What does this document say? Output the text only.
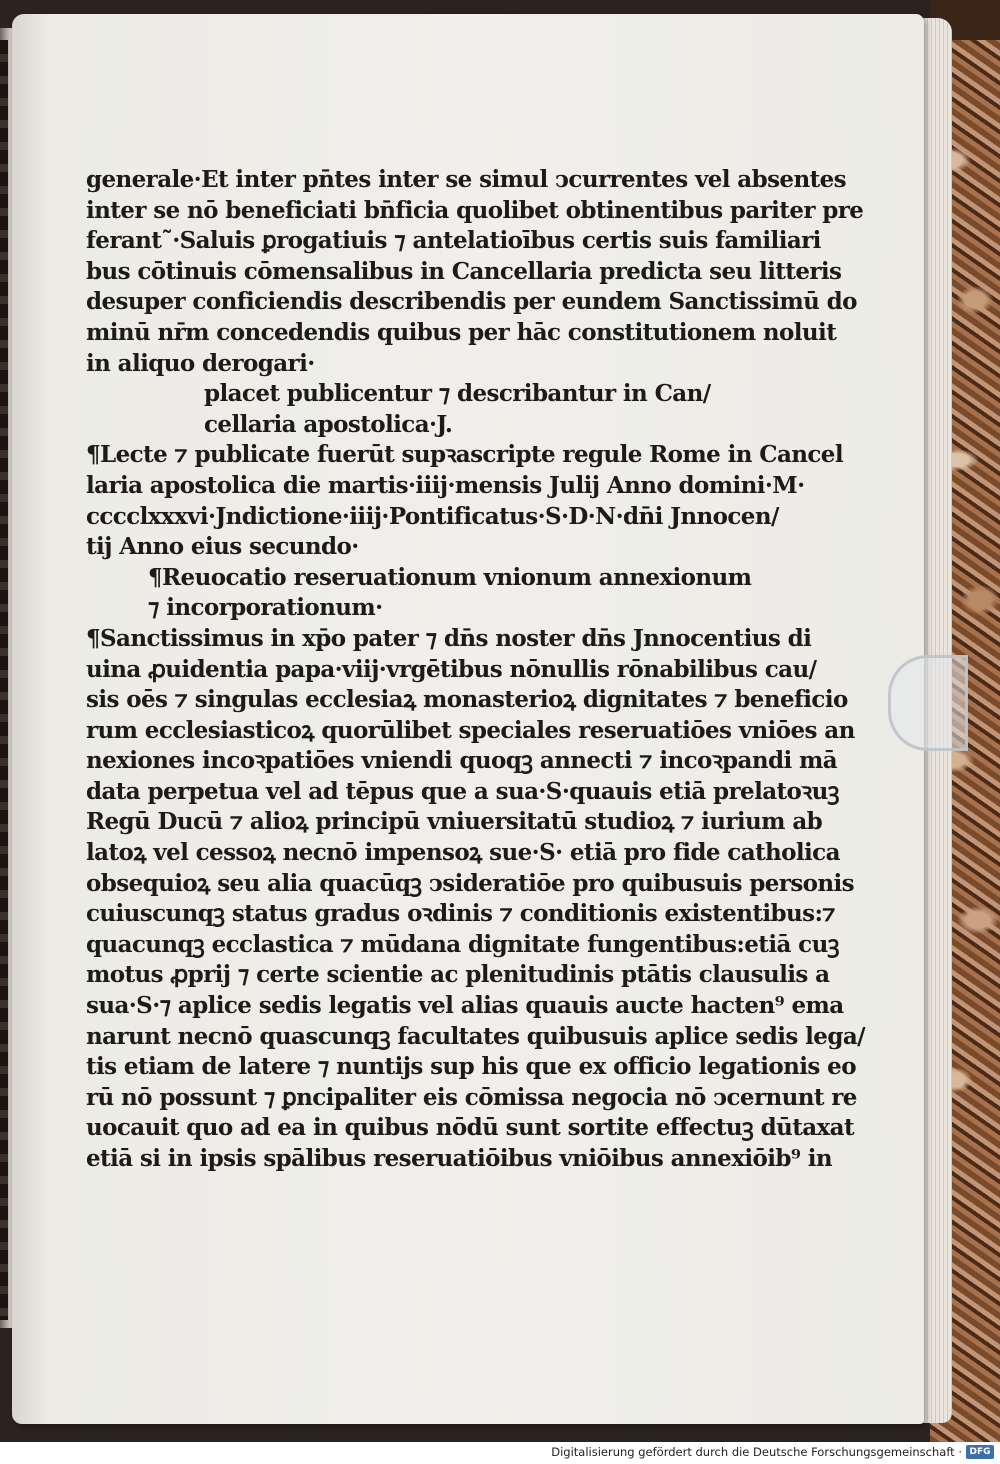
generale·Et inter pn̄tes inter se simul ↄcurrentes vel absentes
inter se nō beneficiati bn̄ficia quolibet obtinentibus pariter pre
ferant˜·Saluis ꝑrogatiuis ⁊ antelatioībus certis suis familiari
bus cōtinuis cōmensalibus in Cancellaria predicta seu litteris
desuper conficiendis describendis per eundem Sanctissimū do
minū nr̄m concedendis quibus per hāc constitutionem noluit
in aliquo derogari·
placet publicentur ⁊ describantur in Can/
cellaria apostolica·J.
¶Lecte ⁊ publicate fuerūt supꝛascripte regule Rome in Cancel
laria apostolica die martis·iiij·mensis Julij Anno domini·M·
cccclxxxvi·Jndictione·iiij·Pontificatus·S·D·N·dn̄i Jnnocen/
tij Anno eius secundo·
¶Reuocatio reseruationum vnionum annexionum
⁊ incorporationum·
¶Sanctissimus in xp̄o pater ⁊ dn̄s noster dn̄s Jnnocentius di
uina ꝓuidentia papa·viij·vrgētibus nōnullis rōnabilibus cau/
sis oēs ⁊ singulas ecclesiaꝝ monasterioꝝ dignitates ⁊ beneficio
rum ecclesiasticoꝝ quorūlibet speciales reseruatiōes vniōes an
nexiones incoꝛpatiōes vniendi quoqꝫ annecti ⁊ incoꝛpandi mā
data perpetua vel ad tēpus que a sua·S·quauis etiā prelatoꝛuꝫ
Regū Ducū ⁊ alioꝝ principū vniuersitatū studioꝝ ⁊ iurium ab
latoꝝ vel cessoꝝ necnō impensoꝝ sue·S· etiā pro fide catholica
obsequioꝝ seu alia quacūqꝫ ↄsideratiōe pro quibusuis personis
cuiuscunqꝫ status gradus oꝛdinis ⁊ conditionis existentibus:⁊
quacunqꝫ ecclastica ⁊ mūdana dignitate fungentibus:etiā cuꝫ
motus ꝓprij ⁊ certe scientie ac plenitudinis ptātis clausulis a
sua·S·⁊ aplice sedis legatis vel alias quauis aucte hacten⁹ ema
narunt necnō quascunqꝫ facultates quibusuis aplice sedis lega/
tis etiam de latere ⁊ nuntijs sup his que ex officio legationis eo
rū nō possunt ⁊ ꝑncipaliter eis cōmissa negocia nō ↄcernunt re
uocauit quo ad ea in quibus nōdū sunt sortite effectuꝫ dūtaxat
etiā si in ipsis spālibus reseruatiōibus vniōibus annexiōib⁹ in
Digitalisierung gefördert durch die Deutsche Forschungsgemeinschaft · DFG
